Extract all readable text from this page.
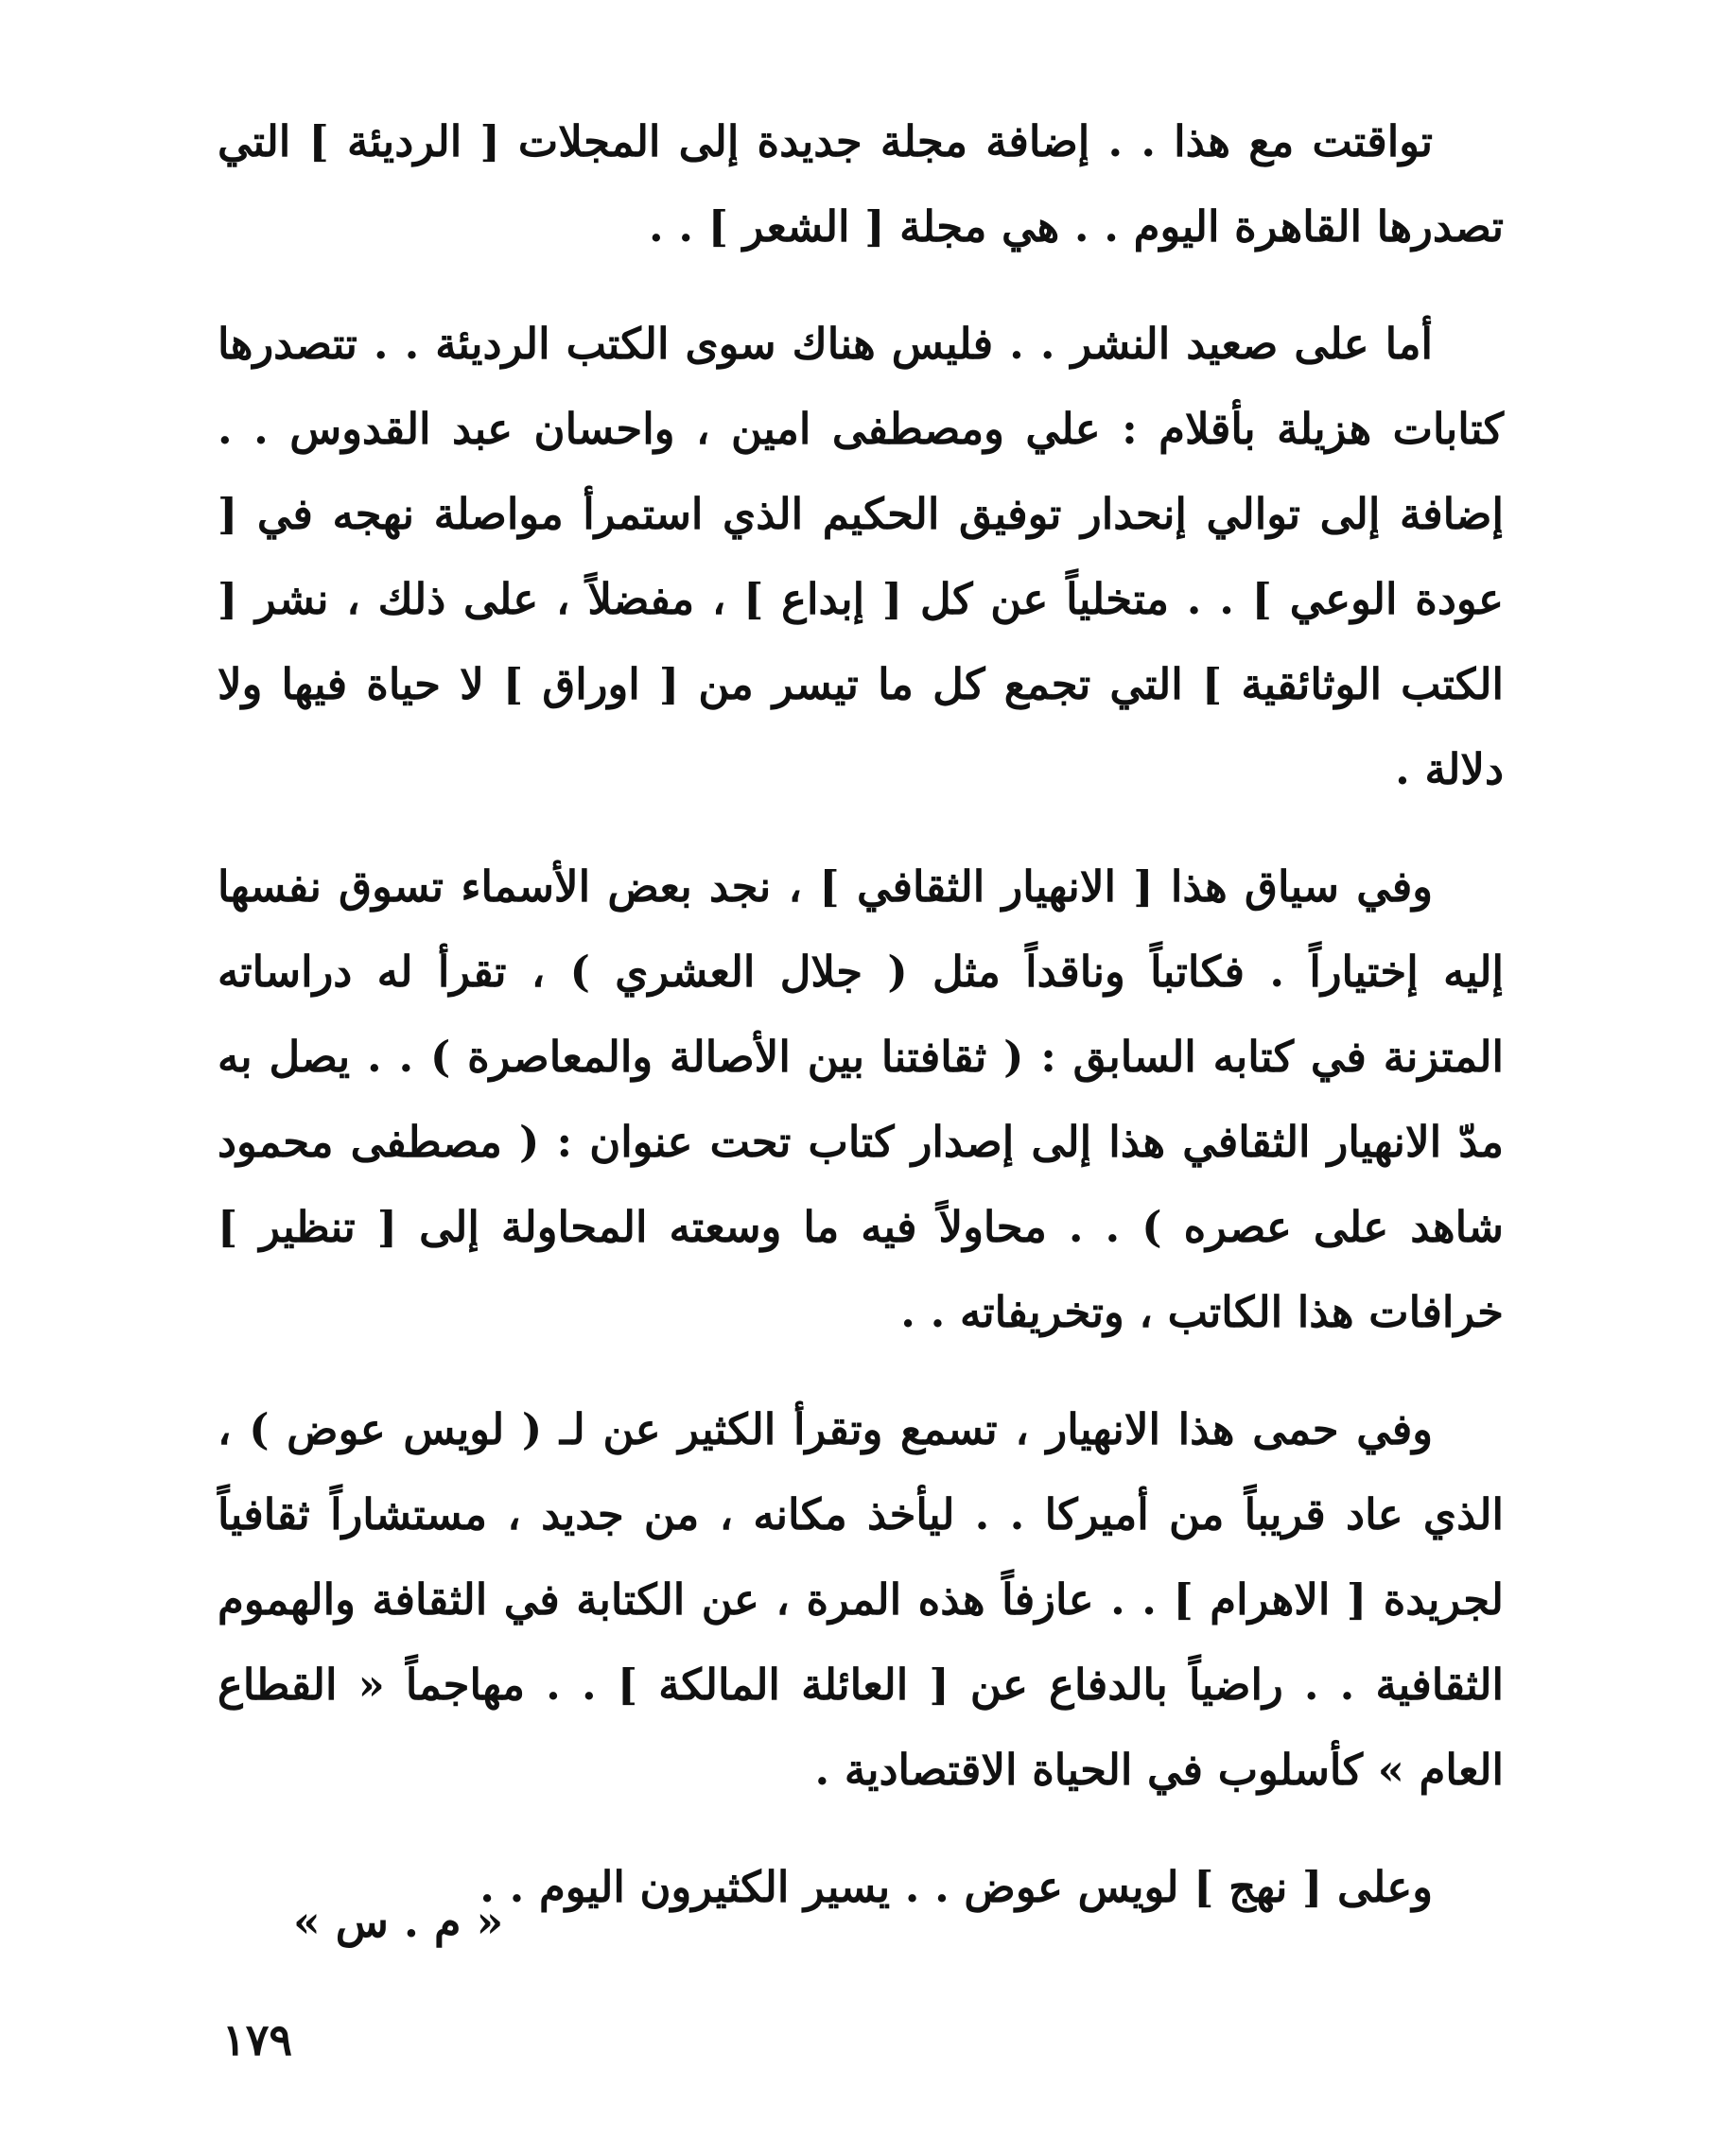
تواقتت مع هذا . . إضافة مجلة جديدة إلى المجلات [ الرديئة ] التي تصدرها القاهرة اليوم . . هي مجلة [ الشعر ] . .

أما على صعيد النشر . . فليس هناك سوى الكتب الرديئة . . تتصدرها كتابات هزيلة بأقلام : علي ومصطفى امين ، واحسان عبد القدوس . . إضافة إلى توالي إنحدار توفيق الحكيم الذي استمرأ مواصلة نهجه في [ عودة الوعي ] . . متخلياً عن كل [ إبداع ] ، مفضلاً ، على ذلك ، نشر [ الكتب الوثائقية ] التي تجمع كل ما تيسر من [ اوراق ] لا حياة فيها ولا دلالة .

وفي سياق هذا [ الانهيار الثقافي ] ، نجد بعض الأسماء تسوق نفسها إليه إختياراً . فكاتباً وناقداً مثل ( جلال العشري ) ، تقرأ له دراساته المتزنة في كتابه السابق : ( ثقافتنا بين الأصالة والمعاصرة ) . . يصل به مدّ الانهيار الثقافي هذا إلى إصدار كتاب تحت عنوان : ( مصطفى محمود شاهد على عصره ) . . محاولاً فيه ما وسعته المحاولة إلى [ تنظير ] خرافات هذا الكاتب ، وتخريفاته . .

وفي حمى هذا الانهيار ، تسمع وتقرأ الكثير عن لـ ( لويس عوض ) ، الذي عاد قريباً من أميركا . . ليأخذ مكانه ، من جديد ، مستشاراً ثقافياً لجريدة [ الاهرام ] . . عازفاً هذه المرة ، عن الكتابة في الثقافة والهموم الثقافية . . راضياً بالدفاع عن [ العائلة المالكة ] . . مهاجماً « القطاع العام » كأسلوب في الحياة الاقتصادية .

وعلى [ نهج ] لويس عوض . . يسير الكثيرون اليوم . .

« م . س »
١٧٩
